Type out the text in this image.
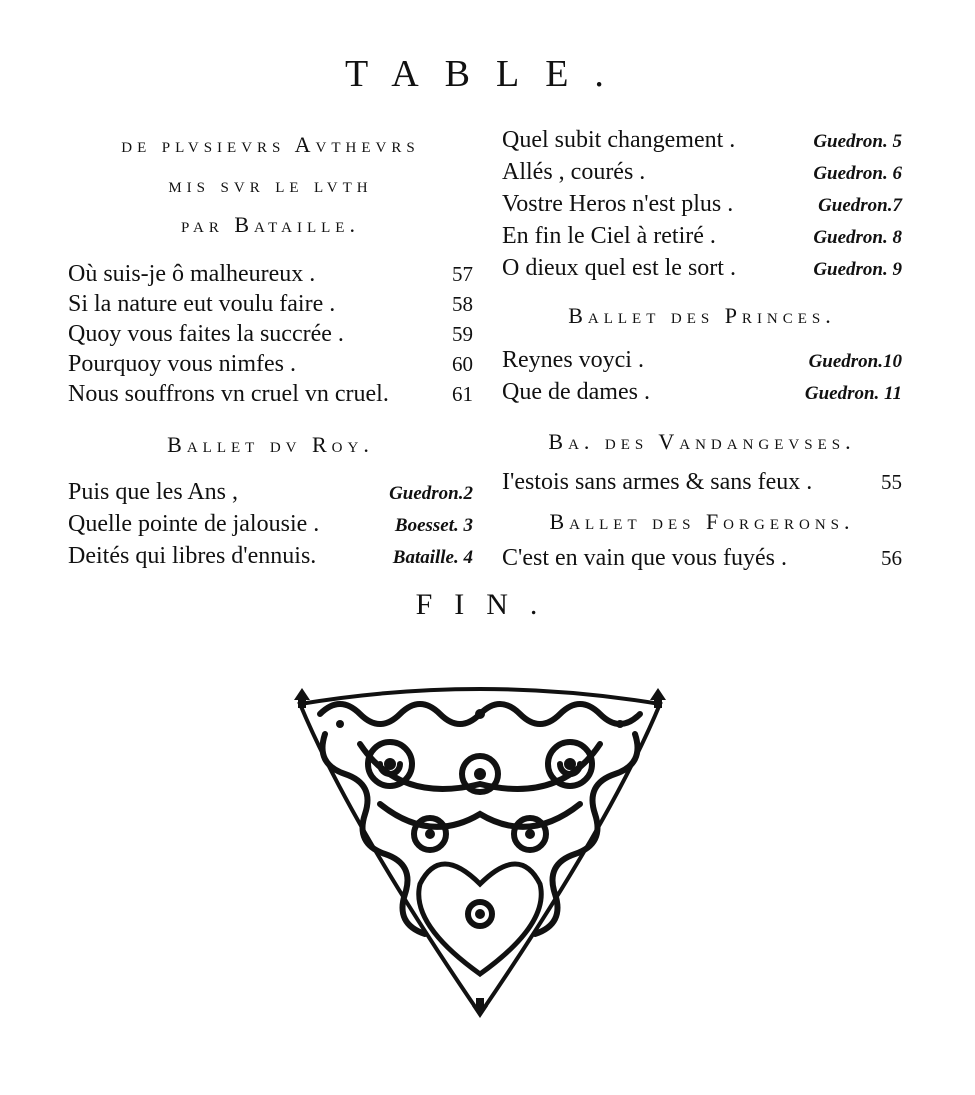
TABLE.
de plvsievrs Avthevrs
mis svr le lvth
par Bataille.
Où suis-je ô malheureux .	57
Si la nature eut voulu faire .	58
Quoy vous faites la succrée .	59
Pourquoy vous nimfes .	60
Nous souffrons vn cruel vn cruel.	61
Ballet dv Roy.
Puis que les Ans ,	Guedron.2
Quelle pointe de jalousie .	Boesset. 3
Deités qui libres d'ennuis.	Bataille. 4
Quel subit changement .	Guedron. 5
Allés , courés .	Guedron. 6
Vostre Heros n'est plus .	Guedron.7
En fin le Ciel à retiré .	Guedron. 8
O dieux quel est le sort .	Guedron. 9
Ballet des Princes.
Reynes voyci .	Guedron.10
Que de dames .	Guedron. 11
Ba. des Vandangevses.
I'estois sans armes & sans feux .	55
Ballet des Forgerons.
C'est en vain que vous fuyés .	56
FIN.
